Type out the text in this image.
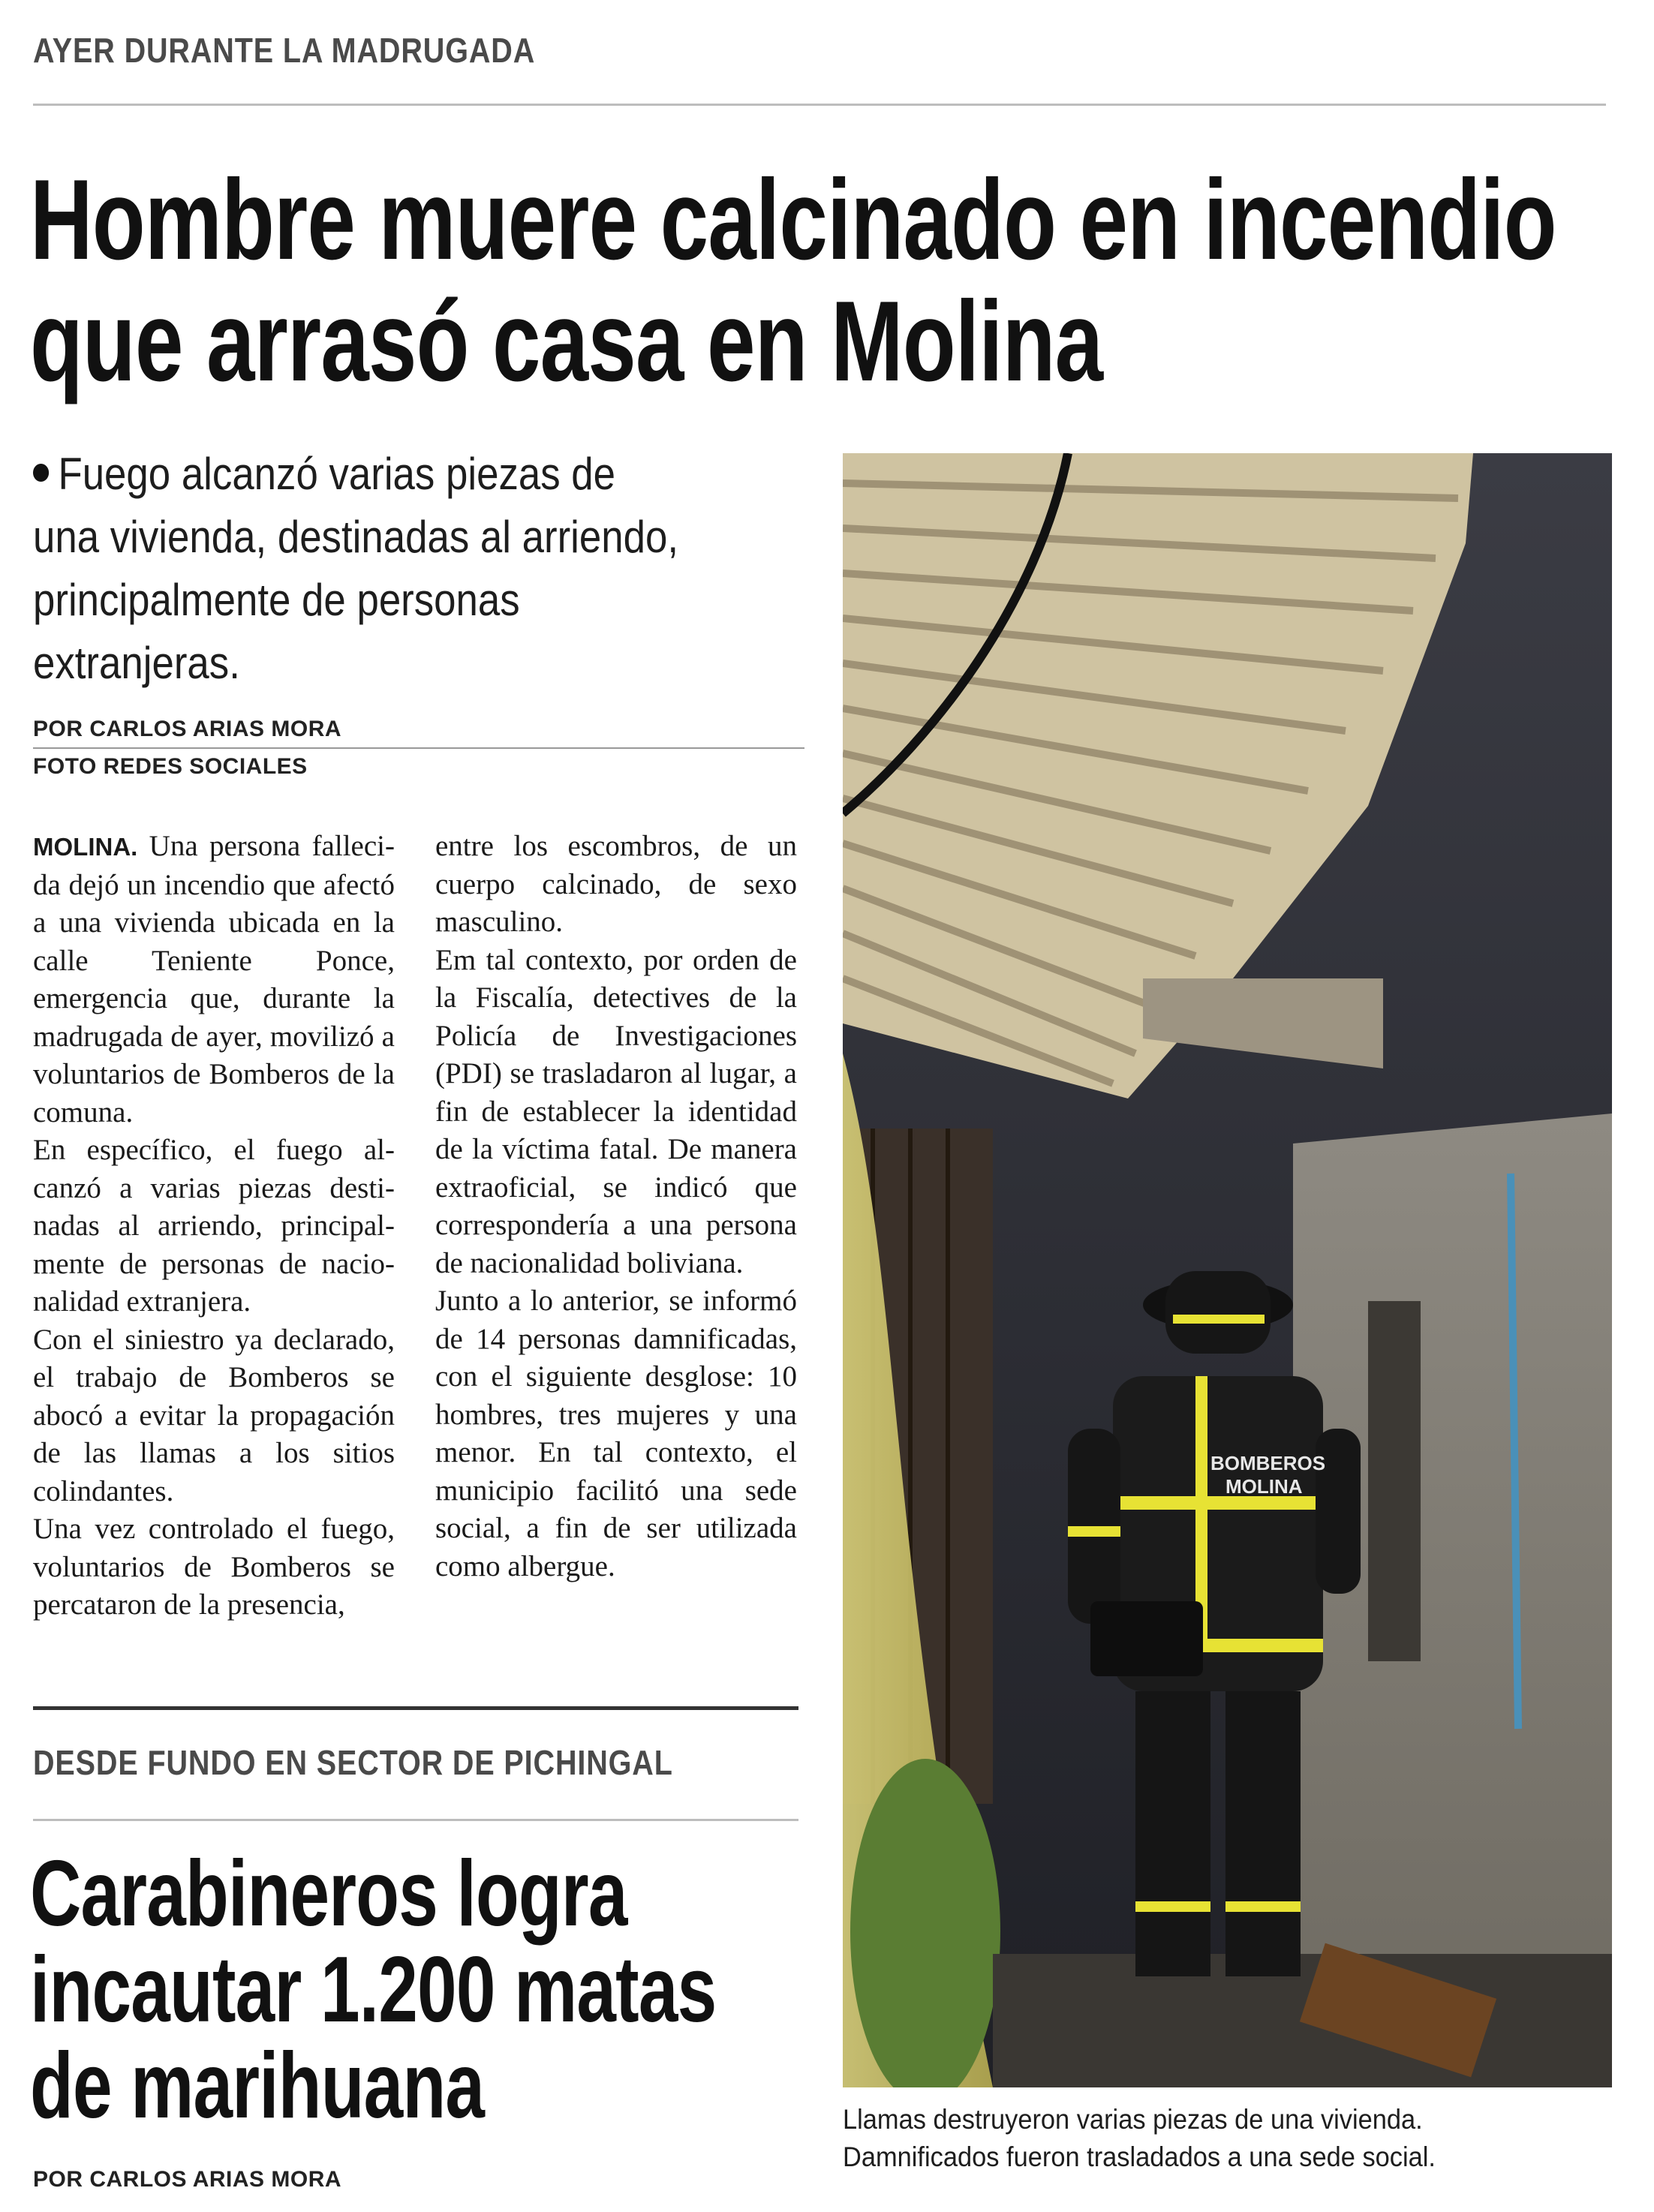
AYER DURANTE LA MADRUGADA
Hombre muere calcinado en incendio
que arrasó casa en Molina
Fuego alcanzó varias piezas de
una vivienda, destinadas al arriendo,
principalmente de personas
extranjeras.
POR CARLOS ARIAS MORA
FOTO REDES SOCIALES

MOLINA. Una persona fallecida dejó un incendio que afectó a una vivienda ubicada en la calle Teniente Ponce, emergencia que, durante la madrugada de ayer, movilizó a voluntarios de Bomberos de la comuna.

En específico, el fuego alcanzó a varias piezas destinadas al arriendo, principalmente de personas de nacionalidad extranjera.

Con el siniestro ya declarado, el trabajo de Bomberos se abocó a evitar la propagación de las llamas a los sitios colindantes.

Una vez controlado el fuego, voluntarios de Bomberos se percataron de la presencia,

entre los escombros, de un cuerpo calcinado, de sexo masculino.

Em tal contexto, por orden de la Fiscalía, detectives de la Policía de Investigaciones (PDI) se trasladaron al lugar, a fin de establecer la identidad de la víctima fatal. De manera extraoficial, se indicó que correspondería a una persona de nacionalidad boliviana.

Junto a lo anterior, se informó de 14 personas damnificadas, con el siguiente desglose: 10 hombres, tres mujeres y una menor. En tal contexto, el municipio facilitó una sede social, a fin de ser utilizada como albergue.

BOMBEROS
MOLINA
Llamas destruyeron varias piezas de una vivienda.
Damnificados fueron trasladados a una sede social.
DESDE FUNDO EN SECTOR DE PICHINGAL
Carabineros logra
incautar 1.200 matas
de marihuana
POR CARLOS ARIAS MORA
